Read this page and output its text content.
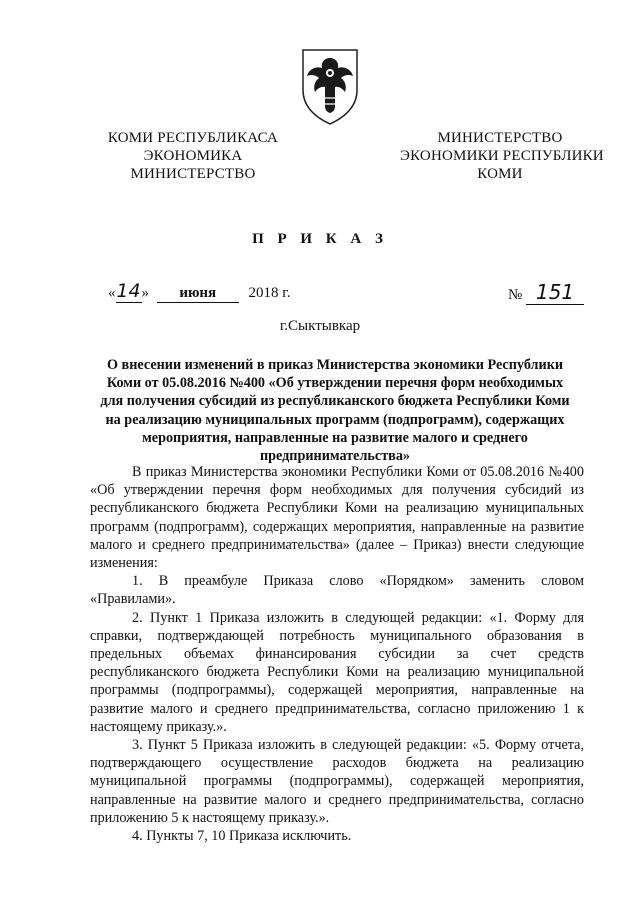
КОМИ РЕСПУБЛИКАСА
ЭКОНОМИКА
МИНИСТЕРСТВО
МИНИСТЕРСТВО
ЭКОНОМИКИ РЕСПУБЛИКИ
КОМИ
П Р И К А З
«14» июня 2018 г.	№ 151
г.Сыктывкар
О внесении изменений в приказ Министерства экономики Республики Коми от 05.08.2016 №400 «Об утверждении перечня форм необходимых для получения субсидий из республиканского бюджета Республики Коми на реализацию муниципальных программ (подпрограмм), содержащих мероприятия, направленные на развитие малого и среднего предпринимательства»

В приказ Министерства экономики Республики Коми от 05.08.2016 №400 «Об утверждении перечня форм необходимых для получения субсидий из республиканского бюджета Республики Коми на реализацию муниципальных программ (подпрограмм), содержащих мероприятия, направленные на развитие малого и среднего предпринимательства» (далее – Приказ) внести следующие изменения:

1. В преамбуле Приказа слово «Порядком» заменить словом «Правилами».

2. Пункт 1 Приказа изложить в следующей редакции: «1. Форму для справки, подтверждающей потребность муниципального образования в предельных объемах финансирования субсидии за счет средств республиканского бюджета Республики Коми на реализацию муниципальной программы (подпрограммы), содержащей мероприятия, направленные на развитие малого и среднего предпринимательства, согласно приложению 1 к настоящему приказу.».

3. Пункт 5 Приказа изложить в следующей редакции: «5. Форму отчета, подтверждающего осуществление расходов бюджета на реализацию муниципальной программы (подпрограммы), содержащей мероприятия, направленные на развитие малого и среднего предпринимательства, согласно приложению 5 к настоящему приказу.».

4. Пункты 7, 10 Приказа исключить.
